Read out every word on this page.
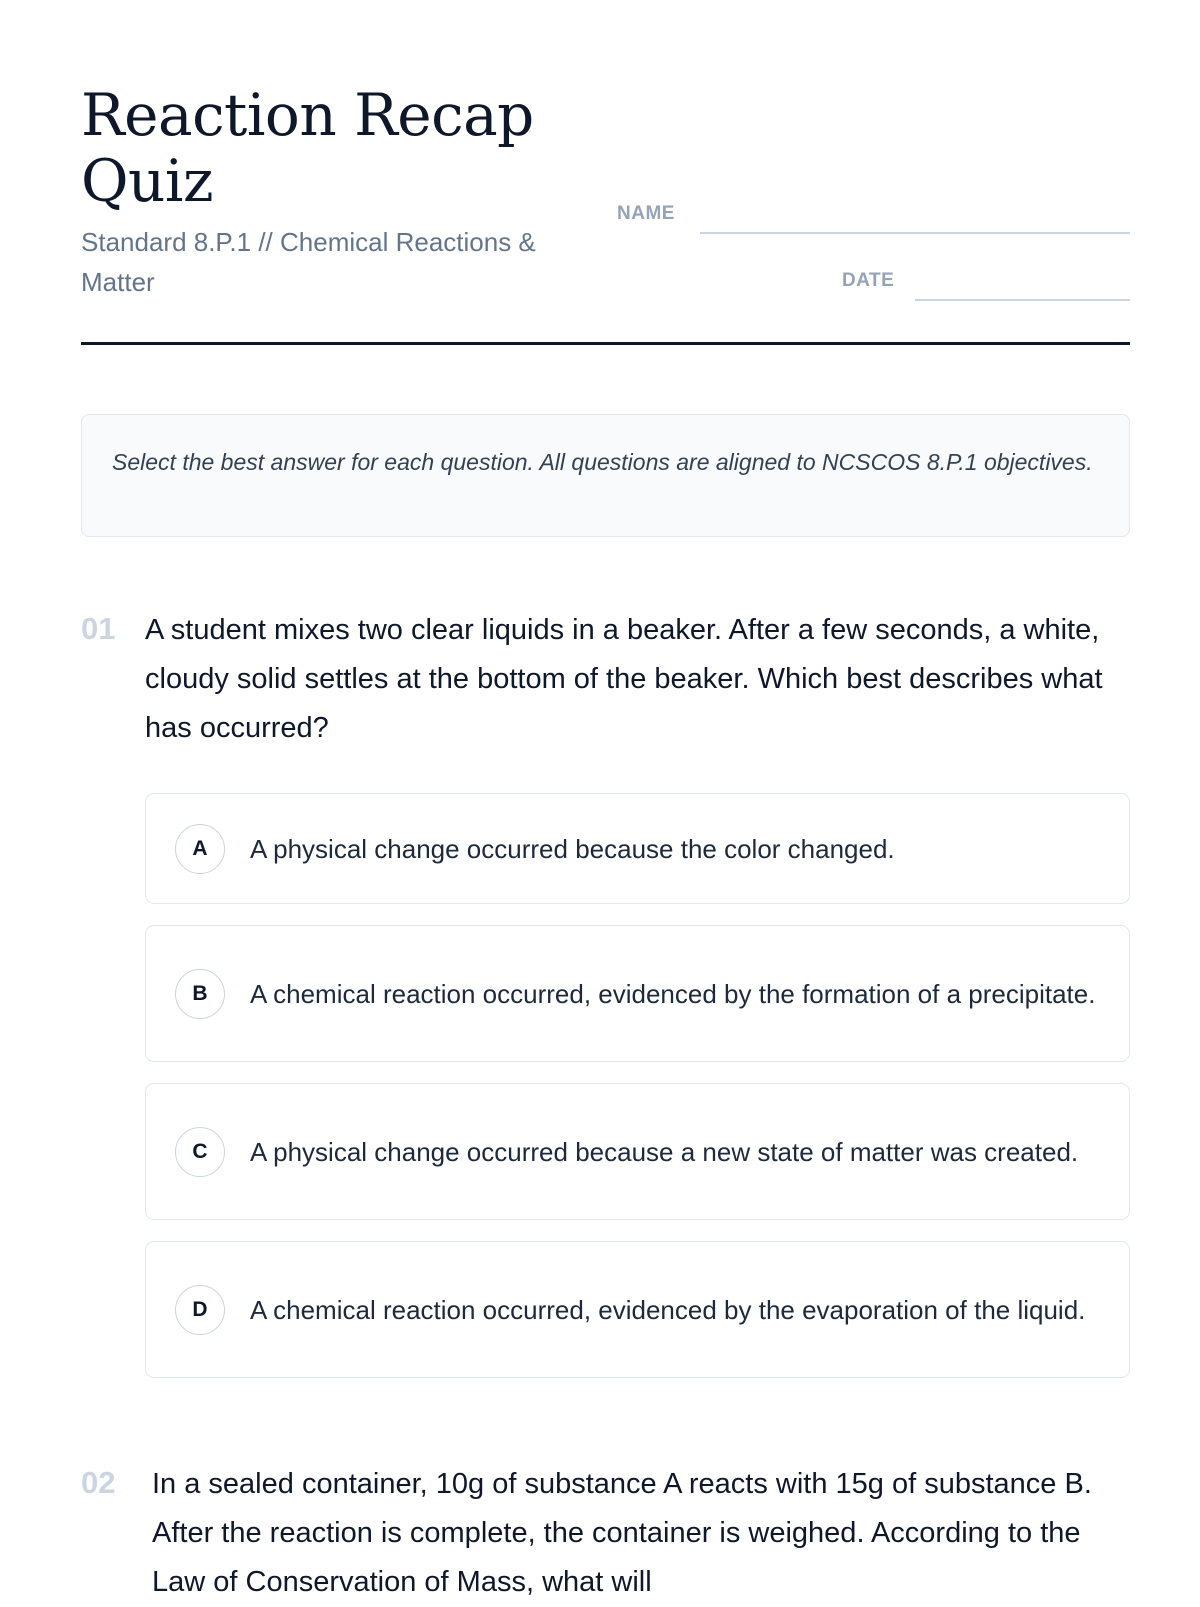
Reaction Recap Quiz
Standard 8.P.1 // Chemical Reactions & Matter
NAME
DATE
Select the best answer for each question. All questions are aligned to NCSCOS 8.P.1 objectives.
01 A student mixes two clear liquids in a beaker. After a few seconds, a white, cloudy solid settles at the bottom of the beaker. Which best describes what has occurred?
A	A physical change occurred because the color changed.
B	A chemical reaction occurred, evidenced by the formation of a precipitate.
C	A physical change occurred because a new state of matter was created.
D	A chemical reaction occurred, evidenced by the evaporation of the liquid.
02 In a sealed container, 10g of substance A reacts with 15g of substance B. After the reaction is complete, the container is weighed. According to the Law of Conservation of Mass, what will
